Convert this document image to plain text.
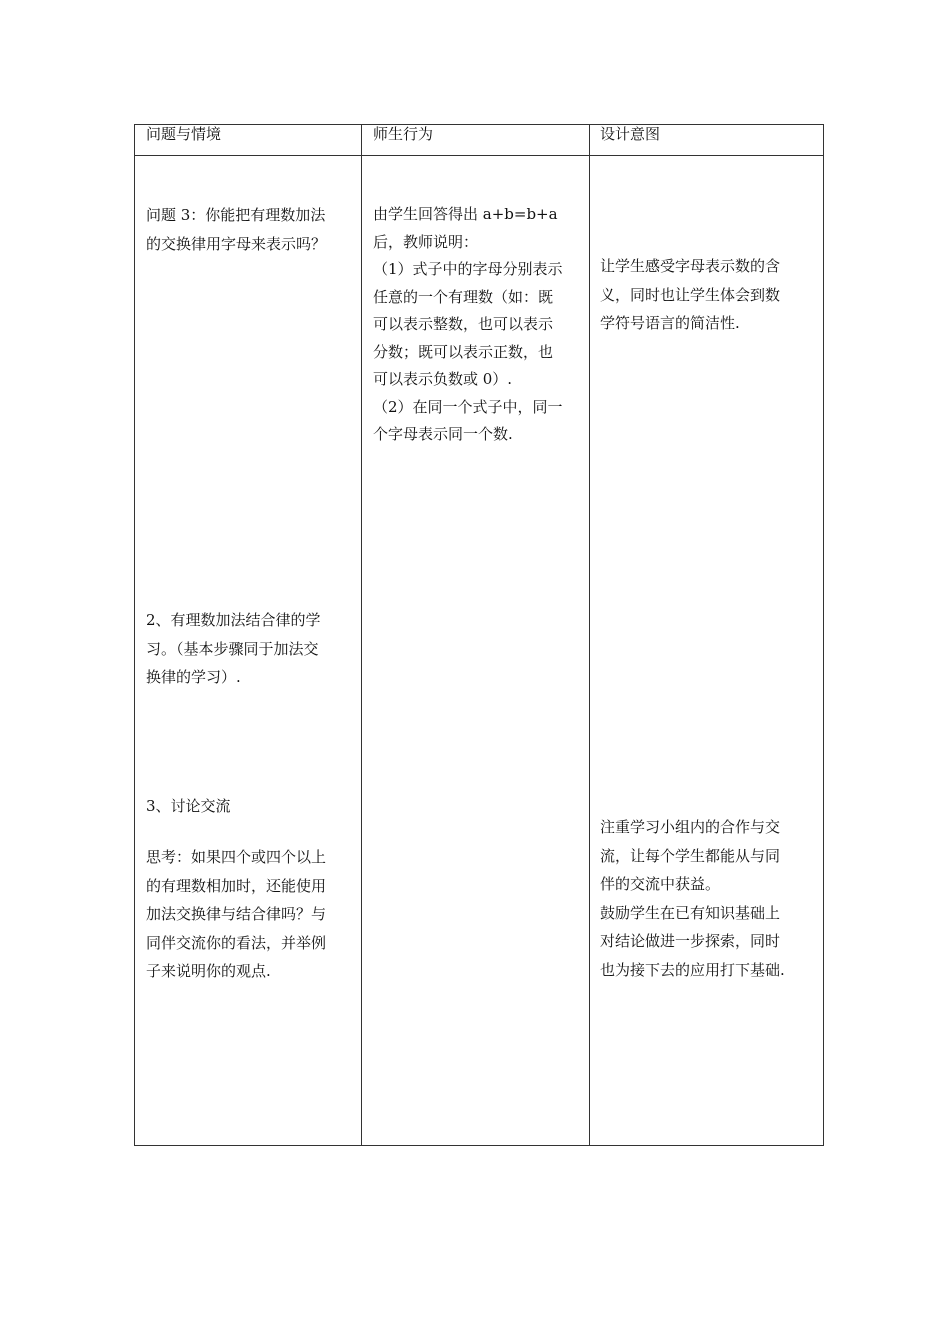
问题与情境	师生行为	设计意图
问题 3：你能把有理数加法
的交换律用字母来表示吗？
2、有理数加法结合律的学
习。（基本步骤同于加法交
换律的学习）.
3、讨论交流
思考：如果四个或四个以上
的有理数相加时，还能使用
加法交换律与结合律吗？与
同伴交流你的看法，并举例
子来说明你的观点.
由学生回答得出 a+b=b+a
后，教师说明：
（1）式子中的字母分别表示
任意的一个有理数（如：既
可以表示整数，也可以表示
分数；既可以表示正数，也
可以表示负数或 0）.
（2）在同一个式子中，同一
个字母表示同一个数.
让学生感受字母表示数的含
义，同时也让学生体会到数
学符号语言的简洁性.
注重学习小组内的合作与交
流，让每个学生都能从与同
伴的交流中获益。
鼓励学生在已有知识基础上
对结论做进一步探索，同时
也为接下去的应用打下基础.
